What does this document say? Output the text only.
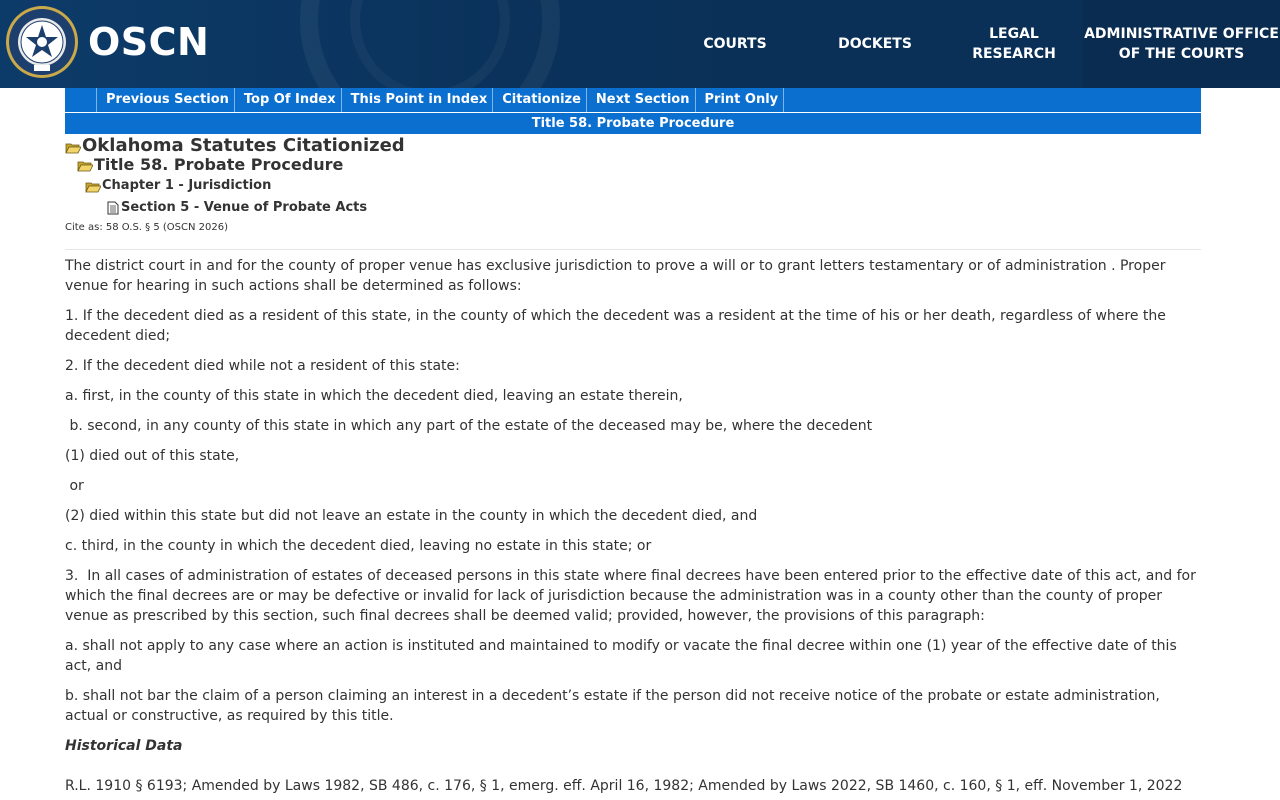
OSCN	COURTS	DOCKETS
LEGAL
RESEARCH
ADMINISTRATIVE OFFICE
OF THE COURTS
Previous Section	Top Of Index	This Point in Index	Citationize	Next Section	Print Only
Title 58. Probate Procedure
Oklahoma Statutes Citationized
Title 58. Probate Procedure
Chapter 1 - Jurisdiction
Section 5 - Venue of Probate Acts
Cite as: 58 O.S. § 5 (OSCN 2026)

The district court in and for the county of proper venue has exclusive jurisdiction to prove a will or to grant letters testamentary or of administration . Proper venue for hearing in such actions shall be determined as follows:

1. If the decedent died as a resident of this state, in the county of which the decedent was a resident at the time of his or her death, regardless of where the decedent died;

2. If the decedent died while not a resident of this state:

a. first, in the county of this state in which the decedent died, leaving an estate therein,

b. second, in any county of this state in which any part of the estate of the deceased may be, where the decedent

(1) died out of this state,

or

(2) died within this state but did not leave an estate in the county in which the decedent died, and

c. third, in the county in which the decedent died, leaving no estate in this state; or

3.  In all cases of administration of estates of deceased persons in this state where final decrees have been entered prior to the effective date of this act, and for which the final decrees are or may be defective or invalid for lack of jurisdiction because the administration was in a county other than the county of proper venue as prescribed by this section, such final decrees shall be deemed valid; provided, however, the provisions of this paragraph:

a. shall not apply to any case where an action is instituted and maintained to modify or vacate the final decree within one (1) year of the effective date of this act, and

b. shall not bar the claim of a person claiming an interest in a decedent’s estate if the person did not receive notice of the probate or estate administration, actual or constructive, as required by this title.

Historical Data

R.L. 1910 § 6193; Amended by Laws 1982, SB 486, c. 176, § 1, emerg. eff. April 16, 1982; Amended by Laws 2022, SB 1460, c. 160, § 1, eff. November 1, 2022
